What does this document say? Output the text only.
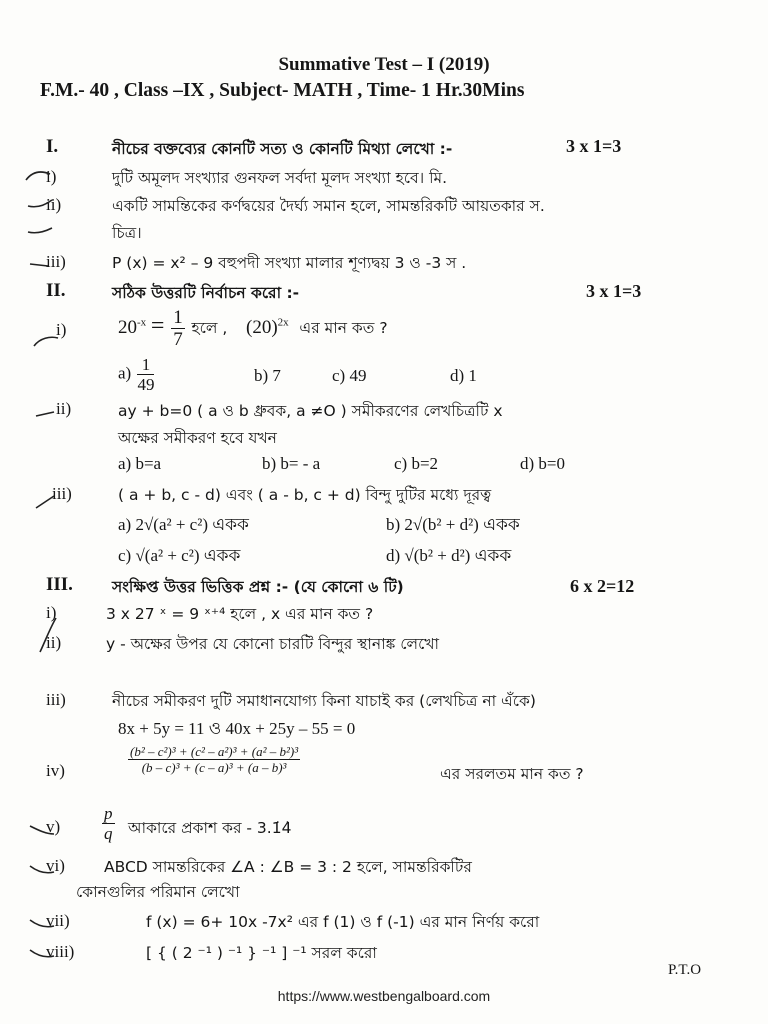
Summative Test – I (2019)
F.M.- 40 , Class –IX , Subject- MATH , Time- 1 Hr.30Mins
I.	নীচের বক্তব্যের কোনটি সত্য ও কোনটি মিথ্যা লেখো :-	3 x 1=3
i)	দুটি অমূলদ সংখ্যার গুনফল সর্বদা মূলদ সংখ্যা হবে। মি.
ii)	একটি সামন্তিকের কর্ণদ্বয়ের দৈর্ঘ্য সমান হলে, সামন্তরিকটি আয়তকার স.
চিত্র।
iii)	P (x) = x² – 9 বহুপদী সংখ্যা মালার শূণ্যদ্বয় 3 ও -3 স .
II.	সঠিক উত্তরটি নির্বাচন করো :-	3 x 1=3
i)	$20^{-x} = \frac{1}{7}$ হলে , $(20)^{2x}$ এর মান কত ?
$a) \frac{1}{49}$	b) 7	c) 49	d) 1
ii)	ay + b=0 ( a ও b ধ্রুবক, a ≠O ) সমীকরণের লেখচিত্রটি x
অক্ষের সমীকরণ হবে যখন
a) b=a	b) b= - a	c) b=2	d) b=0
iii)	( a + b, c - d) এবং ( a - b, c + d) বিন্দু দুটির মধ্যে দূরত্ব
a) 2√(a² + c²) একক	b) 2√(b² + d²) একক
c) √(a² + c²) একক	d) √(b² + d²) একক
III.	সংক্ষিপ্ত উত্তর ভিত্তিক প্রশ্ন :- (যে কোনো ৬ টি)	6 x 2=12
i)	3 x 27 ˣ = 9 ˣ⁺⁴ হলে , x এর মান কত ?
ii)	y - অক্ষের উপর যে কোনো চারটি বিন্দুর স্থানাঙ্ক লেখো
iii)	নীচের সমীকরণ দুটি সমাধানযোগ্য কিনা যাচাই কর (লেখচিত্র না এঁকে)
8x + 5y = 11 ও 40x + 25y – 55 = 0
iv)	$\frac{\text{(b² – c²)³ + (c² – a²)³ + (a² – b²)³}}{\text{(b – c)³ + (c – a)³ + (a – b)³}}$	এর সরলতম মান কত ?
$v) \frac{p}{q}$ আকারে প্রকাশ কর - 3.1̇4̇
vi)	ABCD সামন্তরিকের ∠A : ∠B = 3 : 2 হলে, সামন্তরিকটির
কোনগুলির পরিমান লেখো
vii)	f (x) = 6+ 10x -7x² এর f (1) ও f (-1) এর মান নির্ণয় করো
viii)	[ { ( 2 ⁻¹ ) ⁻¹ } ⁻¹ ] ⁻¹ সরল করো
P.T.O
https://www.westbengalboard.com
